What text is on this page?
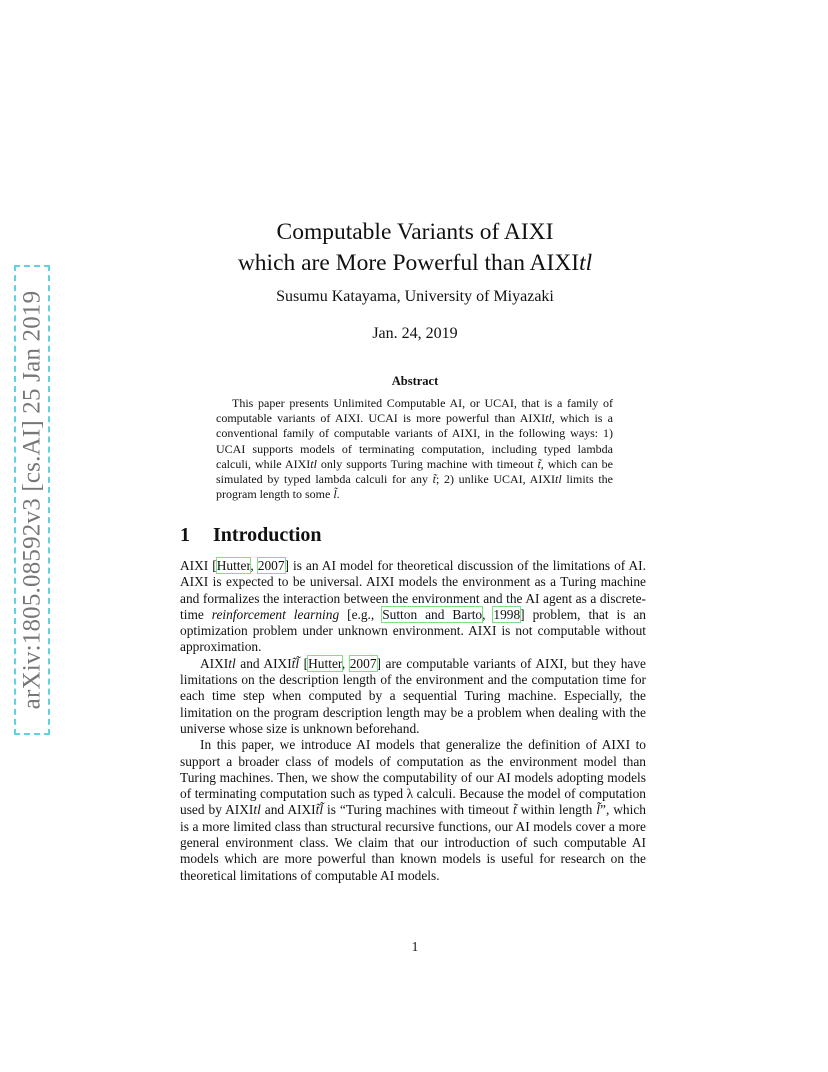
arXiv:1805.08592v3 [cs.AI] 25 Jan 2019
Computable Variants of AIXI
which are More Powerful than AIXItl
Susumu Katayama, University of Miyazaki
Jan. 24, 2019
Abstract

This paper presents Unlimited Computable AI, or UCAI, that is a family of computable variants of AIXI. UCAI is more powerful than AIXItl, which is a conventional family of computable variants of AIXI, in the following ways: 1) UCAI supports models of terminating computation, including typed lambda calculi, while AIXItl only supports Turing machine with timeout t̃, which can be simulated by typed lambda calculi for any t̃; 2) unlike UCAI, AIXItl limits the program length to some l̃.

1 Introduction

AIXI [Hutter, 2007] is an AI model for theoretical discussion of the limitations of AI. AIXI is expected to be universal. AIXI models the environment as a Turing machine and formalizes the interaction between the environment and the AI agent as a discrete-time reinforcement learning [e.g., Sutton and Barto, 1998] problem, that is an optimization problem under unknown environment. AIXI is not computable without approximation.

AIXItl and AIXIt̃l̃ [Hutter, 2007] are computable variants of AIXI, but they have limitations on the description length of the environment and the computation time for each time step when computed by a sequential Turing machine. Especially, the limitation on the program description length may be a problem when dealing with the universe whose size is unknown beforehand.

In this paper, we introduce AI models that generalize the definition of AIXI to support a broader class of models of computation as the environment model than Turing machines. Then, we show the computability of our AI models adopting models of terminating computation such as typed λ calculi. Because the model of computation used by AIXItl and AIXIt̃l̃ is “Turing machines with timeout t̃ within length l̃”, which is a more limited class than structural recursive functions, our AI models cover a more general environment class. We claim that our introduction of such computable AI models which are more powerful than known models is useful for research on the theoretical limitations of computable AI models.

1
